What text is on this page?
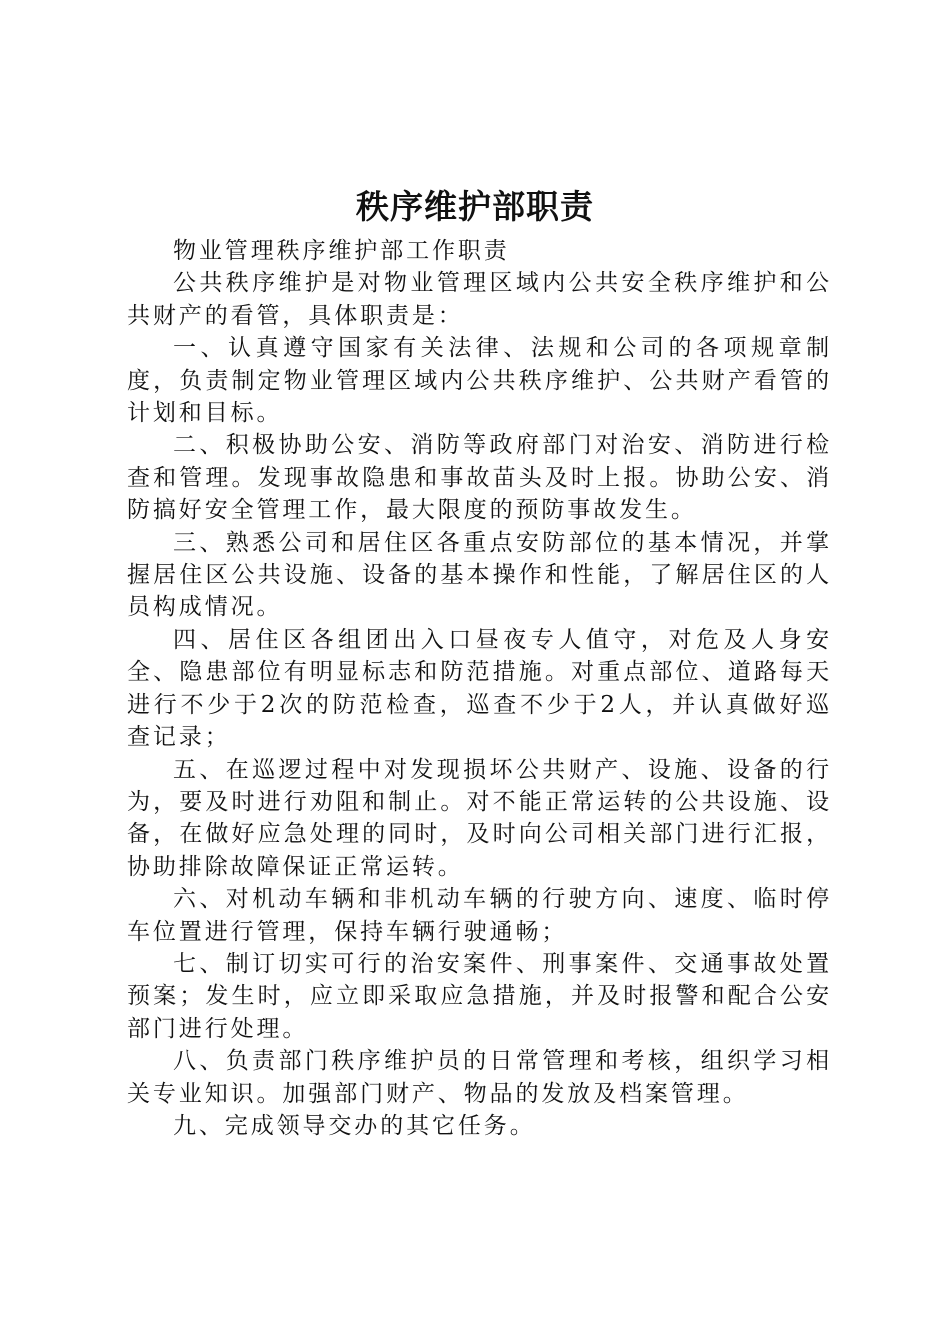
秩序维护部职责

物业管理秩序维护部工作职责

公共秩序维护是对物业管理区域内公共安全秩序维护和公共财产的看管，具体职责是：

一、认真遵守国家有关法律、法规和公司的各项规章制度，负责制定物业管理区域内公共秩序维护、公共财产看管的计划和目标。

二、积极协助公安、消防等政府部门对治安、消防进行检查和管理。发现事故隐患和事故苗头及时上报。协助公安、消防搞好安全管理工作，最大限度的预防事故发生。

三、熟悉公司和居住区各重点安防部位的基本情况，并掌握居住区公共设施、设备的基本操作和性能，了解居住区的人员构成情况。

四、居住区各组团出入口昼夜专人值守，对危及人身安全、隐患部位有明显标志和防范措施。对重点部位、道路每天进行不少于2次的防范检查，巡查不少于2人，并认真做好巡查记录；

五、在巡逻过程中对发现损坏公共财产、设施、设备的行为，要及时进行劝阻和制止。对不能正常运转的公共设施、设备，在做好应急处理的同时，及时向公司相关部门进行汇报，协助排除故障保证正常运转。

六、对机动车辆和非机动车辆的行驶方向、速度、临时停车位置进行管理，保持车辆行驶通畅；

七、制订切实可行的治安案件、刑事案件、交通事故处置预案；发生时，应立即采取应急措施，并及时报警和配合公安部门进行处理。

八、负责部门秩序维护员的日常管理和考核，组织学习相关专业知识。加强部门财产、物品的发放及档案管理。

九、完成领导交办的其它任务。
